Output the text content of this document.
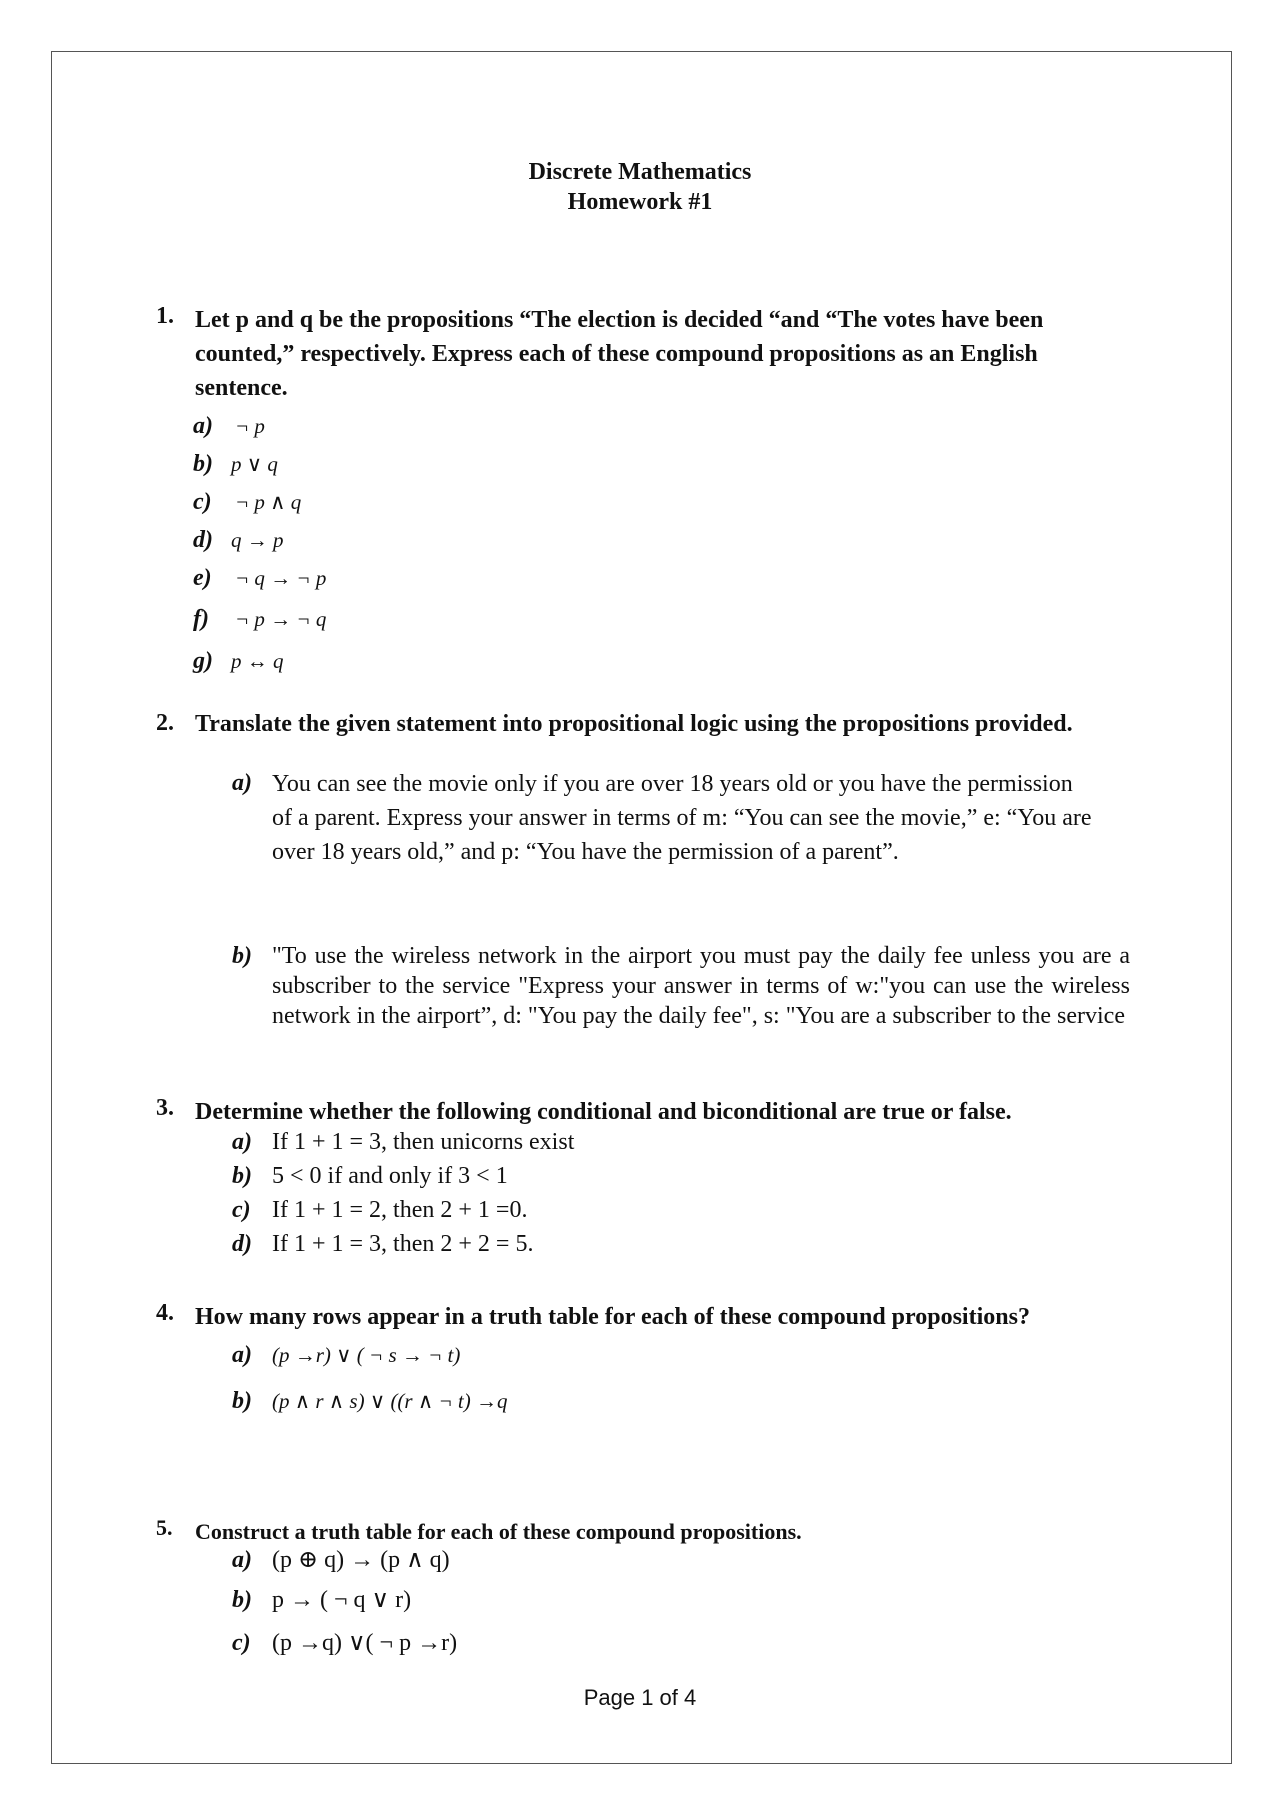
Discrete Mathematics
Homework #1
1. Let p and q be the propositions “The election is decided “and “The votes have been counted,” respectively. Express each of these compound propositions as an English sentence.
a) ¬ p
b) p ∨ q
c) ¬ p ∧ q
d) q → p
e) ¬ q → ¬ p
f) ¬ p → ¬ q
g) p ↔ q
2. Translate the given statement into propositional logic using the propositions provided.
a) You can see the movie only if you are over 18 years old or you have the permission of a parent. Express your answer in terms of m: “You can see the movie,” e: “You are over 18 years old,” and p: “You have the permission of a parent”.
b) "To use the wireless network in the airport you must pay the daily fee unless you are a subscriber to the service "Express your answer in terms of w:"you can use the wireless network in the airport”, d: "You pay the daily fee", s: "You are a subscriber to the service
3. Determine whether the following conditional and biconditional are true or false.
a) If 1 + 1 = 3, then unicorns exist
b) 5 < 0 if and only if 3 < 1
c) If 1 + 1 = 2, then 2 + 1 =0.
d) If 1 + 1 = 3, then 2 + 2 = 5.
4. How many rows appear in a truth table for each of these compound propositions?
a) (p →r) ∨ ( ¬ s → ¬ t)
b) (p ∧ r ∧ s) ∨ ((r ∧ ¬ t) →q
5. Construct a truth table for each of these compound propositions.
a) (p ⊕ q) → (p ∧ q)
b) p → ( ¬ q ∨ r)
c) (p →q) ∨( ¬ p →r)
Page 1 of 4
